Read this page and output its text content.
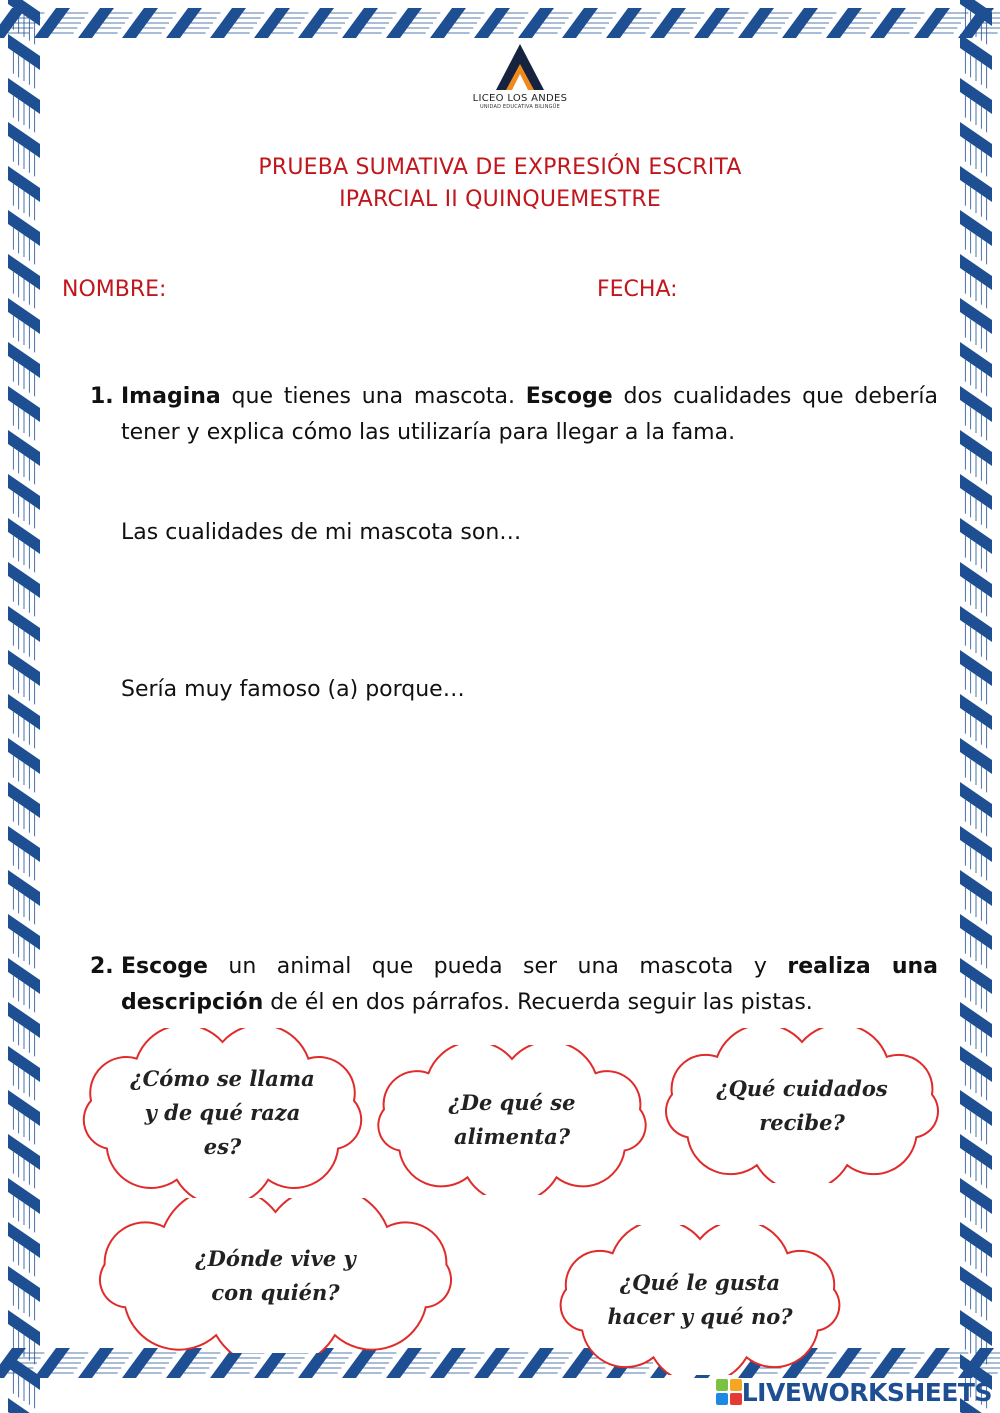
LICEO LOS ANDES
UNIDAD EDUCATIVA BILINGÜE
PRUEBA SUMATIVA DE EXPRESIÓN ESCRITA
IPARCIAL II QUINQUEMESTRE
NOMBRE:	FECHA:
1. Imagina que tienes una mascota. Escoge dos cualidades que debería tener y explica cómo las utilizaría para llegar a la fama.
Las cualidades de mi mascota son…
Sería muy famoso (a) porque…
2. Escoge un animal que pueda ser una mascota y realiza una descripción de él en dos párrafos. Recuerda seguir las pistas.
¿Cómo se llama y de qué raza es?
¿De qué se alimenta?
¿Qué cuidados recibe?
¿Dónde vive y con quién?	¿Qué le gusta hacer y qué no?
LIVEWORKSHEETS
